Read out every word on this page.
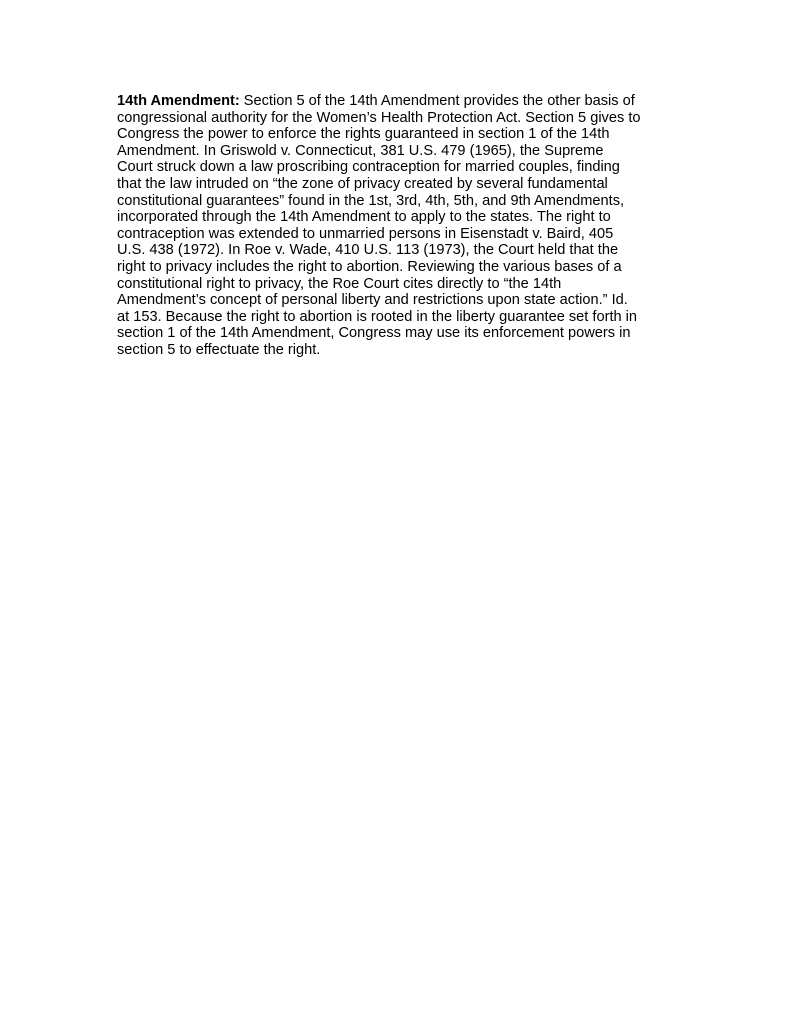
14th Amendment: Section 5 of the 14th Amendment provides the other basis of
congressional authority for the Women’s Health Protection Act. Section 5 gives to
Congress the power to enforce the rights guaranteed in section 1 of the 14th
Amendment. In Griswold v. Connecticut, 381 U.S. 479 (1965), the Supreme
Court struck down a law proscribing contraception for married couples, finding
that the law intruded on “the zone of privacy created by several fundamental
constitutional guarantees” found in the 1st, 3rd, 4th, 5th, and 9th Amendments,
incorporated through the 14th Amendment to apply to the states. The right to
contraception was extended to unmarried persons in Eisenstadt v. Baird, 405
U.S. 438 (1972). In Roe v. Wade, 410 U.S. 113 (1973), the Court held that the
right to privacy includes the right to abortion. Reviewing the various bases of a
constitutional right to privacy, the Roe Court cites directly to “the 14th
Amendment’s concept of personal liberty and restrictions upon state action.” Id.
at 153. Because the right to abortion is rooted in the liberty guarantee set forth in
section 1 of the 14th Amendment, Congress may use its enforcement powers in
section 5 to effectuate the right.
